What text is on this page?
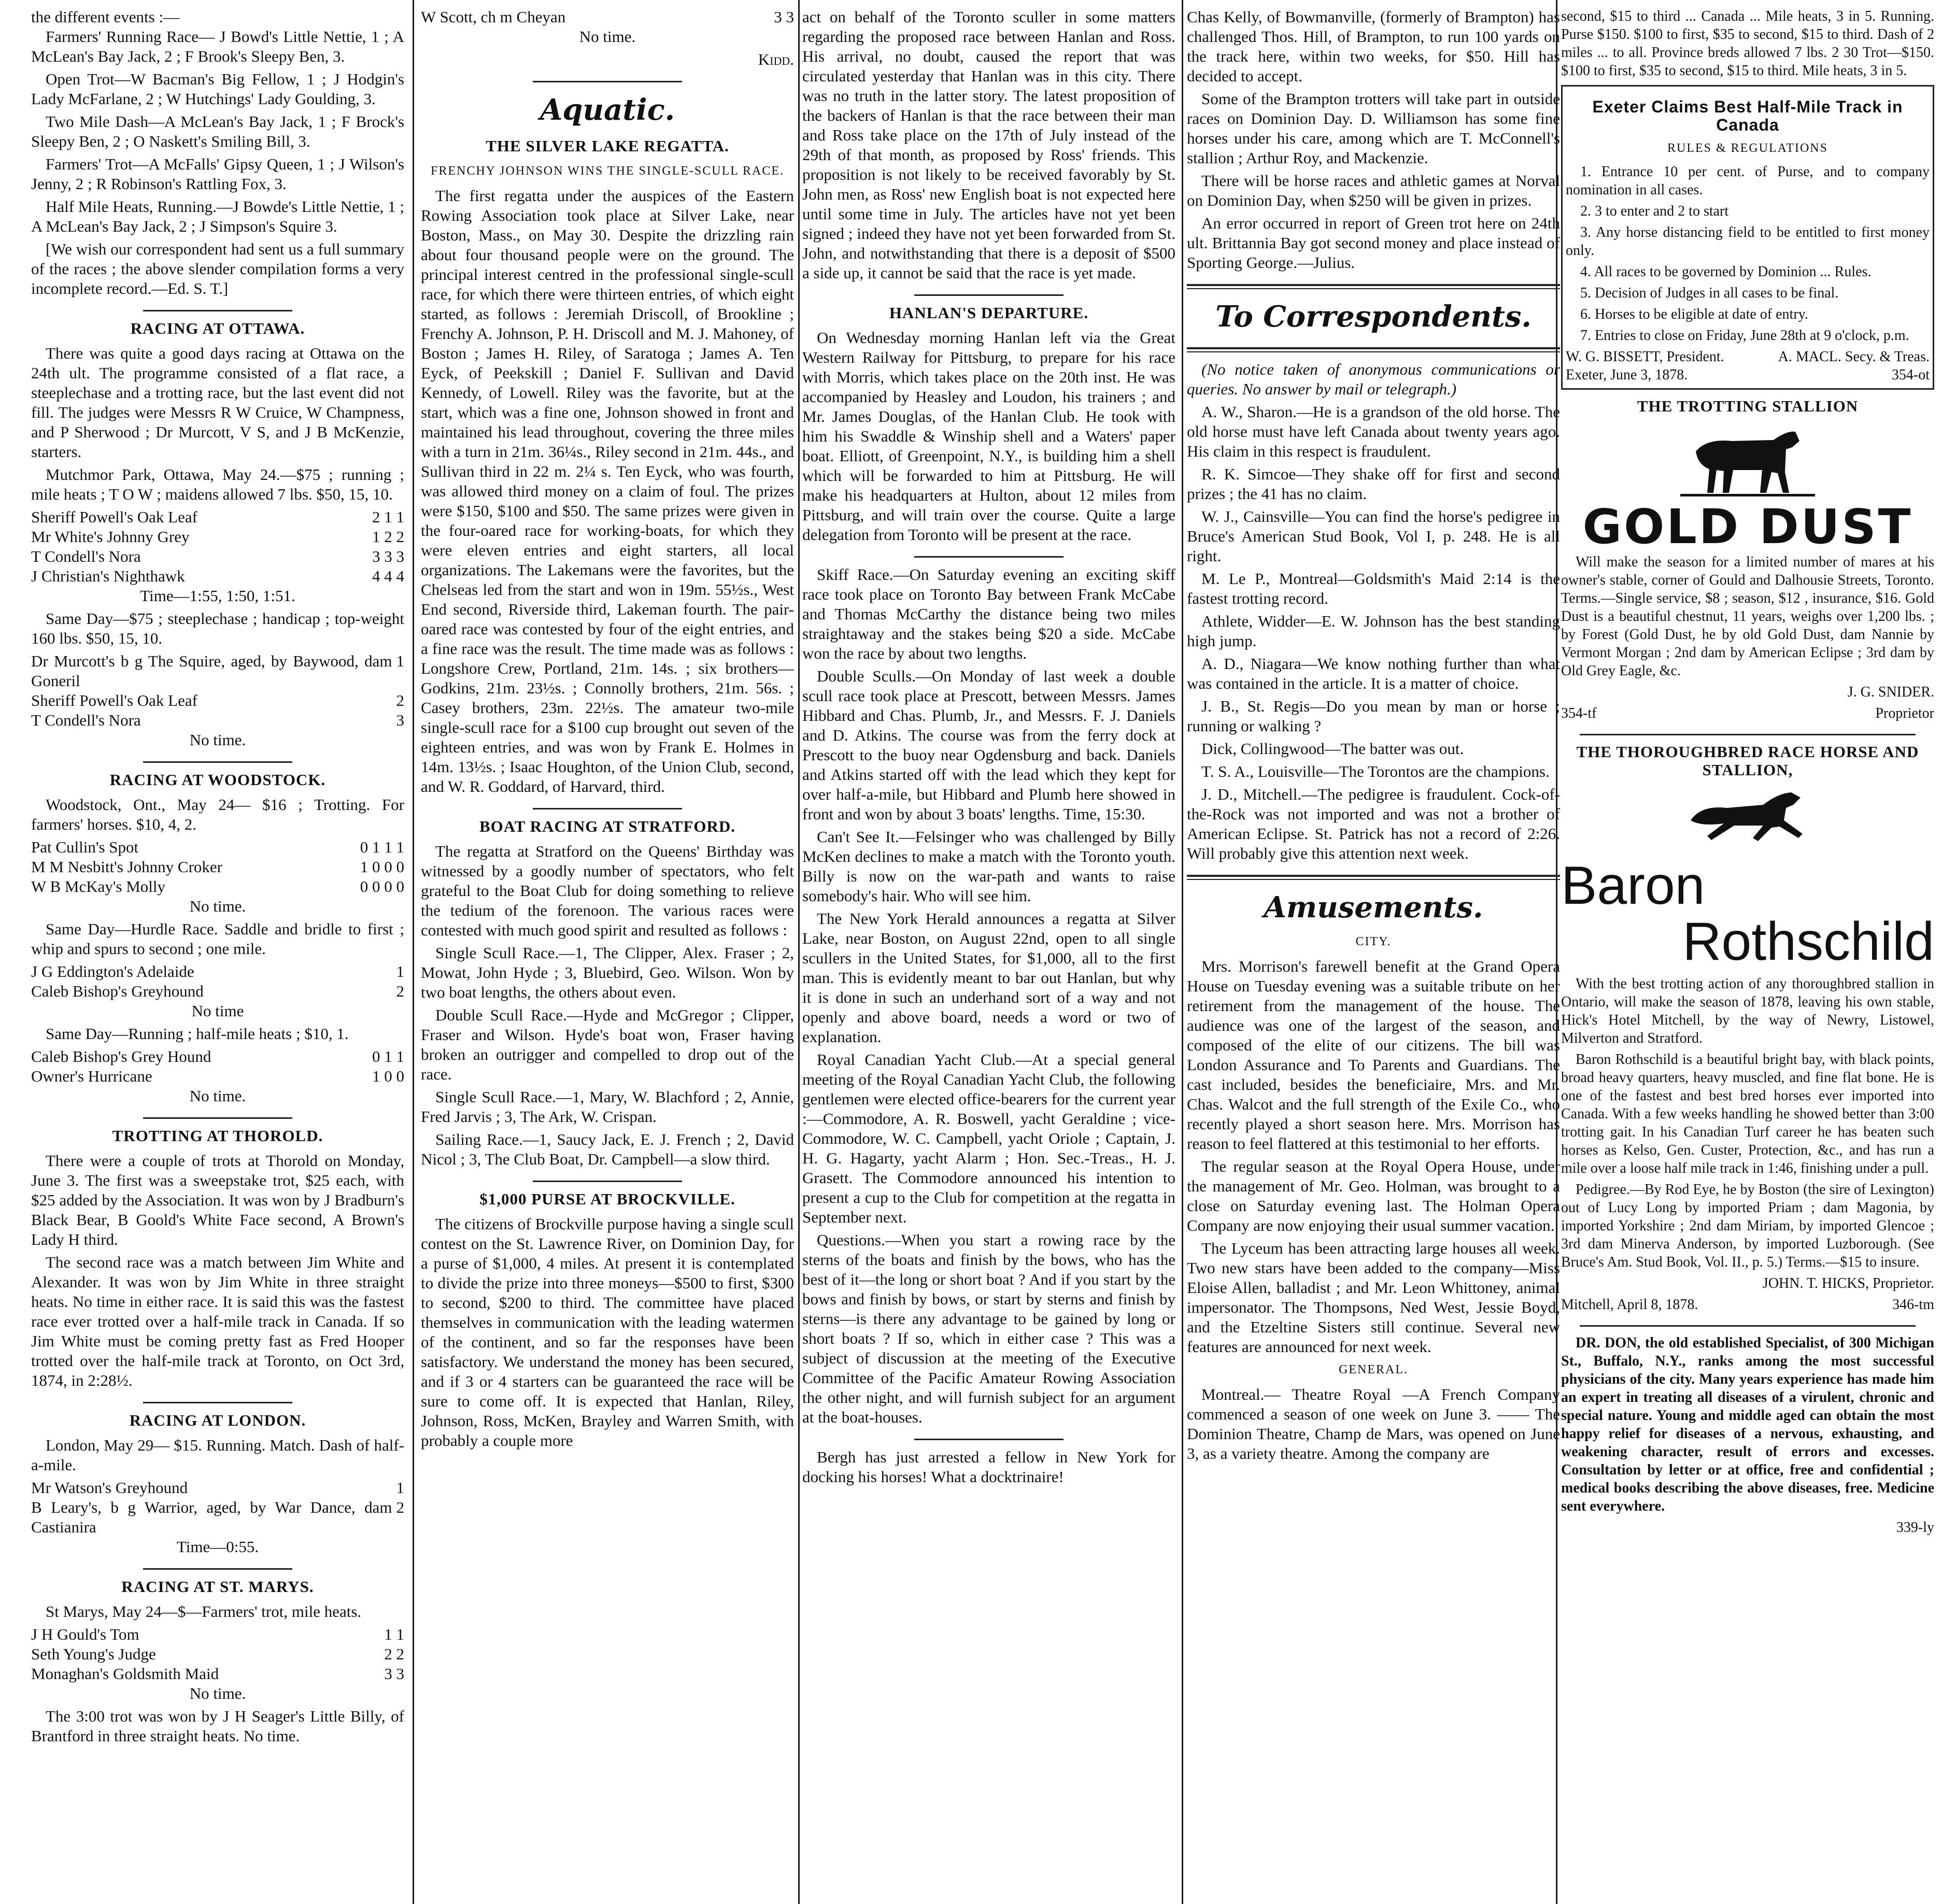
the different events :—

Farmers' Running Race— J Bowd's Little Nettie, 1 ; A McLean's Bay Jack, 2 ; F Brook's Sleepy Ben, 3.

Open Trot—W Bacman's Big Fellow, 1 ; J Hodgin's Lady McFarlane, 2 ; W Hutchings' Lady Goulding, 3.

Two Mile Dash—A McLean's Bay Jack, 1 ; F Brock's Sleepy Ben, 2 ; O Naskett's Smiling Bill, 3.

Farmers' Trot—A McFalls' Gipsy Queen, 1 ; J Wilson's Jenny, 2 ; R Robinson's Rattling Fox, 3.

Half Mile Heats, Running.—J Bowde's Little Nettie, 1 ; A McLean's Bay Jack, 2 ; J Simpson's Squire 3.

[We wish our correspondent had sent us a full summary of the races ; the above slender compilation forms a very incomplete record.—Ed. S. T.]

RACING AT OTTAWA.

There was quite a good days racing at Ottawa on the 24th ult. The programme consisted of a flat race, a steeplechase and a trotting race, but the last event did not fill. The judges were Messrs R W Cruice, W Champness, and P Sherwood ; Dr Murcott, V S, and J B McKenzie, starters.

Mutchmor Park, Ottawa, May 24.—$75 ; running ; mile heats ; T O W ; maidens allowed 7 lbs. $50, 15, 10.

Sheriff Powell's Oak Leaf	2 1 1
Mr White's Johnny Grey	1 2 2
T Condell's Nora	3 3 3
J Christian's Nighthawk	4 4 4

Time—1:55, 1:50, 1:51.

Same Day—$75 ; steeplechase ; handicap ; top-weight 160 lbs. $50, 15, 10.

Dr Murcott's b g The Squire, aged, by Baywood, dam Goneril
1
Sheriff Powell's Oak Leaf	2
T Condell's Nora	3

No time.

RACING AT WOODSTOCK.

Woodstock, Ont., May 24— $16 ; Trotting. For farmers' horses. $10, 4, 2.

Pat Cullin's Spot	0 1 1 1
M M Nesbitt's Johnny Croker	1 0 0 0
W B McKay's Molly	0 0 0 0

No time.

Same Day—Hurdle Race. Saddle and bridle to first ; whip and spurs to second ; one mile.

J G Eddington's Adelaide	1
Caleb Bishop's Greyhound	2

No time

Same Day—Running ; half-mile heats ; $10, 1.

Caleb Bishop's Grey Hound	0 1 1
Owner's Hurricane	1 0 0

No time.

TROTTING AT THOROLD.

There were a couple of trots at Thorold on Monday, June 3. The first was a sweepstake trot, $25 each, with $25 added by the Association. It was won by J Bradburn's Black Bear, B Goold's White Face second, A Brown's Lady H third.

The second race was a match between Jim White and Alexander. It was won by Jim White in three straight heats. No time in either race. It is said this was the fastest race ever trotted over a half-mile track in Canada. If so Jim White must be coming pretty fast as Fred Hooper trotted over the half-mile track at Toronto, on Oct 3rd, 1874, in 2:28½.

RACING AT LONDON.

London, May 29— $15. Running. Match. Dash of half-a-mile.

Mr Watson's Greyhound	1
B Leary's, b g Warrior, aged, by War Dance, dam Castianira
2

Time—0:55.

RACING AT ST. MARYS.

St Marys, May 24—$—Farmers' trot, mile heats.

J H Gould's Tom	1 1
Seth Young's Judge	2 2
Monaghan's Goldsmith Maid	3 3

No time.

The 3:00 trot was won by J H Seager's Little Billy, of Brantford in three straight heats. No time.

W Scott, ch m Cheyan	3 3

No time.

Kidd.

Aquatic.
THE SILVER LAKE REGATTA.
FRENCHY JOHNSON WINS THE SINGLE-SCULL RACE.

The first regatta under the auspices of the Eastern Rowing Association took place at Silver Lake, near Boston, Mass., on May 30. Despite the drizzling rain about four thousand people were on the ground. The principal interest centred in the professional single-scull race, for which there were thirteen entries, of which eight started, as follows : Jeremiah Driscoll, of Brookline ; Frenchy A. Johnson, P. H. Driscoll and M. J. Mahoney, of Boston ; James H. Riley, of Saratoga ; James A. Ten Eyck, of Peekskill ; Daniel F. Sullivan and David Kennedy, of Lowell. Riley was the favorite, but at the start, which was a fine one, Johnson showed in front and maintained his lead throughout, covering the three miles with a turn in 21m. 36¼s., Riley second in 21m. 44s., and Sullivan third in 22 m. 2¼ s. Ten Eyck, who was fourth, was allowed third money on a claim of foul. The prizes were $150, $100 and $50. The same prizes were given in the four-oared race for working-boats, for which they were eleven entries and eight starters, all local organizations. The Lakemans were the favorites, but the Chelseas led from the start and won in 19m. 55½s., West End second, Riverside third, Lakeman fourth. The pair-oared race was contested by four of the eight entries, and a fine race was the result. The time made was as follows : Longshore Crew, Portland, 21m. 14s. ; six brothers—Godkins, 21m. 23½s. ; Connolly brothers, 21m. 56s. ; Casey brothers, 23m. 22½s. The amateur two-mile single-scull race for a $100 cup brought out seven of the eighteen entries, and was won by Frank E. Holmes in 14m. 13½s. ; Isaac Houghton, of the Union Club, second, and W. R. Goddard, of Harvard, third.

BOAT RACING AT STRATFORD.

The regatta at Stratford on the Queens' Birthday was witnessed by a goodly number of spectators, who felt grateful to the Boat Club for doing something to relieve the tedium of the forenoon. The various races were contested with much good spirit and resulted as follows :

Single Scull Race.—1, The Clipper, Alex. Fraser ; 2, Mowat, John Hyde ; 3, Bluebird, Geo. Wilson. Won by two boat lengths, the others about even.

Double Scull Race.—Hyde and McGregor ; Clipper, Fraser and Wilson. Hyde's boat won, Fraser having broken an outrigger and compelled to drop out of the race.

Single Scull Race.—1, Mary, W. Blachford ; 2, Annie, Fred Jarvis ; 3, The Ark, W. Crispan.

Sailing Race.—1, Saucy Jack, E. J. French ; 2, David Nicol ; 3, The Club Boat, Dr. Campbell—a slow third.

$1,000 PURSE AT BROCKVILLE.

The citizens of Brockville purpose having a single scull contest on the St. Lawrence River, on Dominion Day, for a purse of $1,000, 4 miles. At present it is contemplated to divide the prize into three moneys—$500 to first, $300 to second, $200 to third. The committee have placed themselves in communication with the leading watermen of the continent, and so far the responses have been satisfactory. We understand the money has been secured, and if 3 or 4 starters can be guaranteed the race will be sure to come off. It is expected that Hanlan, Riley, Johnson, Ross, McKen, Brayley and Warren Smith, with probably a couple more

act on behalf of the Toronto sculler in some matters regarding the proposed race between Hanlan and Ross. His arrival, no doubt, caused the report that was circulated yesterday that Hanlan was in this city. There was no truth in the latter story. The latest proposition of the backers of Hanlan is that the race between their man and Ross take place on the 17th of July instead of the 29th of that month, as proposed by Ross' friends. This proposition is not likely to be received favorably by St. John men, as Ross' new English boat is not expected here until some time in July. The articles have not yet been signed ; indeed they have not yet been forwarded from St. John, and notwithstanding that there is a deposit of $500 a side up, it cannot be said that the race is yet made.

HANLAN'S DEPARTURE.

On Wednesday morning Hanlan left via the Great Western Railway for Pittsburg, to prepare for his race with Morris, which takes place on the 20th inst. He was accompanied by Heasley and Loudon, his trainers ; and Mr. James Douglas, of the Hanlan Club. He took with him his Swaddle & Winship shell and a Waters' paper boat. Elliott, of Greenpoint, N.Y., is building him a shell which will be forwarded to him at Pittsburg. He will make his headquarters at Hulton, about 12 miles from Pittsburg, and will train over the course. Quite a large delegation from Toronto will be present at the race.

Skiff Race.—On Saturday evening an exciting skiff race took place on Toronto Bay between Frank McCabe and Thomas McCarthy the distance being two miles straightaway and the stakes being $20 a side. McCabe won the race by about two lengths.

Double Sculls.—On Monday of last week a double scull race took place at Prescott, between Messrs. James Hibbard and Chas. Plumb, Jr., and Messrs. F. J. Daniels and D. Atkins. The course was from the ferry dock at Prescott to the buoy near Ogdensburg and back. Daniels and Atkins started off with the lead which they kept for over half-a-mile, but Hibbard and Plumb here showed in front and won by about 3 boats' lengths. Time, 15:30.

Can't See It.—Felsinger who was challenged by Billy McKen declines to make a match with the Toronto youth. Billy is now on the war-path and wants to raise somebody's hair. Who will see him.

The New York Herald announces a regatta at Silver Lake, near Boston, on August 22nd, open to all single scullers in the United States, for $1,000, all to the first man. This is evidently meant to bar out Hanlan, but why it is done in such an underhand sort of a way and not openly and above board, needs a word or two of explanation.

Royal Canadian Yacht Club.—At a special general meeting of the Royal Canadian Yacht Club, the following gentlemen were elected office-bearers for the current year :—Commodore, A. R. Boswell, yacht Geraldine ; vice-Commodore, W. C. Campbell, yacht Oriole ; Captain, J. H. G. Hagarty, yacht Alarm ; Hon. Sec.-Treas., H. J. Grasett. The Commodore announced his intention to present a cup to the Club for competition at the regatta in September next.

Questions.—When you start a rowing race by the sterns of the boats and finish by the bows, who has the best of it—the long or short boat ? And if you start by the bows and finish by bows, or start by sterns and finish by sterns—is there any advantage to be gained by long or short boats ? If so, which in either case ? This was a subject of discussion at the meeting of the Executive Committee of the Pacific Amateur Rowing Association the other night, and will furnish subject for an argument at the boat-houses.

Bergh has just arrested a fellow in New York for docking his horses! What a docktrinaire!

Chas Kelly, of Bowmanville, (formerly of Brampton) has challenged Thos. Hill, of Brampton, to run 100 yards on the track here, within two weeks, for $50. Hill has decided to accept.

Some of the Brampton trotters will take part in outside races on Dominion Day. D. Williamson has some fine horses under his care, among which are T. McConnell's stallion ; Arthur Roy, and Mackenzie.

There will be horse races and athletic games at Norval on Dominion Day, when $250 will be given in prizes.

An error occurred in report of Green trot here on 24th ult. Brittannia Bay got second money and place instead of Sporting George.—Julius.

To Correspondents.

(No notice taken of anonymous communications or queries. No answer by mail or telegraph.)

A. W., Sharon.—He is a grandson of the old horse. The old horse must have left Canada about twenty years ago. His claim in this respect is fraudulent.

R. K. Simcoe—They shake off for first and second prizes ; the 41 has no claim.

W. J., Cainsville—You can find the horse's pedigree in Bruce's American Stud Book, Vol I, p. 248. He is all right.

M. Le P., Montreal—Goldsmith's Maid 2:14 is the fastest trotting record.

Athlete, Widder—E. W. Johnson has the best standing high jump.

A. D., Niagara—We know nothing further than what was contained in the article. It is a matter of choice.

J. B., St. Regis—Do you mean by man or horse ; running or walking ?

Dick, Collingwood—The batter was out.

T. S. A., Louisville—The Torontos are the champions.

J. D., Mitchell.—The pedigree is fraudulent. Cock-of-the-Rock was not imported and was not a brother of American Eclipse. St. Patrick has not a record of 2:26. Will probably give this attention next week.

Amusements.
CITY.

Mrs. Morrison's farewell benefit at the Grand Opera House on Tuesday evening was a suitable tribute on her retirement from the management of the house. The audience was one of the largest of the season, and composed of the elite of our citizens. The bill was London Assurance and To Parents and Guardians. The cast included, besides the beneficiaire, Mrs. and Mr. Chas. Walcot and the full strength of the Exile Co., who recently played a short season here. Mrs. Morrison has reason to feel flattered at this testimonial to her efforts.

The regular season at the Royal Opera House, under the management of Mr. Geo. Holman, was brought to a close on Saturday evening last. The Holman Opera Company are now enjoying their usual summer vacation.

The Lyceum has been attracting large houses all week. Two new stars have been added to the company—Miss Eloise Allen, balladist ; and Mr. Leon Whittoney, animal impersonator. The Thompsons, Ned West, Jessie Boyd, and the Etzeltine Sisters still continue. Several new features are announced for next week.

GENERAL.

Montreal.— Theatre Royal —A French Company commenced a season of one week on June 3. —— The Dominion Theatre, Champ de Mars, was opened on June 3, as a variety theatre. Among the company are

second, $15 to third ... Canada ... Mile heats, 3 in 5. Running. Purse $150. $100 to first, $35 to second, $15 to third. Dash of 2 miles ... to all. Province breds allowed 7 lbs. 2 30 Trot—$150. $100 to first, $35 to second, $15 to third. Mile heats, 3 in 5.

Exeter Claims Best Half-Mile Track in Canada
RULES & REGULATIONS

1. Entrance 10 per cent. of Purse, and to company nomination in all cases.

2. 3 to enter and 2 to start

3. Any horse distancing field to be entitled to first money only.

4. All races to be governed by Dominion ... Rules.

5. Decision of Judges in all cases to be final.

6. Horses to be eligible at date of entry.

7. Entries to close on Friday, June 28th at 9 o'clock, p.m.

W. G. BISSETT, President.	A. MACL. Secy. & Treas.
Exeter, June 3, 1878.	354-ot
THE TROTTING STALLION
GOLD DUST

Will make the season for a limited number of mares at his owner's stable, corner of Gould and Dalhousie Streets, Toronto. Terms.—Single service, $8 ; season, $12 , insurance, $16. Gold Dust is a beautiful chestnut, 11 years, weighs over 1,200 lbs. ; by Forest (Gold Dust, he by old Gold Dust, dam Nannie by Vermont Morgan ; 2nd dam by American Eclipse ; 3rd dam by Old Grey Eagle, &c.

J. G. SNIDER.

354-tf	Proprietor
THE THOROUGHBRED RACE HORSE AND STALLION,
Baron
Rothschild

With the best trotting action of any thoroughbred stallion in Ontario, will make the season of 1878, leaving his own stable, Hick's Hotel Mitchell, by the way of Newry, Listowel, Milverton and Stratford.

Baron Rothschild is a beautiful bright bay, with black points, broad heavy quarters, heavy muscled, and fine flat bone. He is one of the fastest and best bred horses ever imported into Canada. With a few weeks handling he showed better than 3:00 trotting gait. In his Canadian Turf career he has beaten such horses as Kelso, Gen. Custer, Protection, &c., and has run a mile over a loose half mile track in 1:46, finishing under a pull.

Pedigree.—By Rod Eye, he by Boston (the sire of Lexington) out of Lucy Long by imported Priam ; dam Magonia, by imported Yorkshire ; 2nd dam Miriam, by imported Glencoe ; 3rd dam Minerva Anderson, by imported Luzborough. (See Bruce's Am. Stud Book, Vol. II., p. 5.) Terms.—$15 to insure.

JOHN. T. HICKS, Proprietor.

Mitchell, April 8, 1878.	346-tm

DR. DON, the old established Specialist, of 300 Michigan St., Buffalo, N.Y., ranks among the most successful physicians of the city. Many years experience has made him an expert in treating all diseases of a virulent, chronic and special nature. Young and middle aged can obtain the most happy relief for diseases of a nervous, exhausting, and weakening character, result of errors and excesses. Consultation by letter or at office, free and confidential ; medical books describing the above diseases, free. Medicine sent everywhere.

339-ly
